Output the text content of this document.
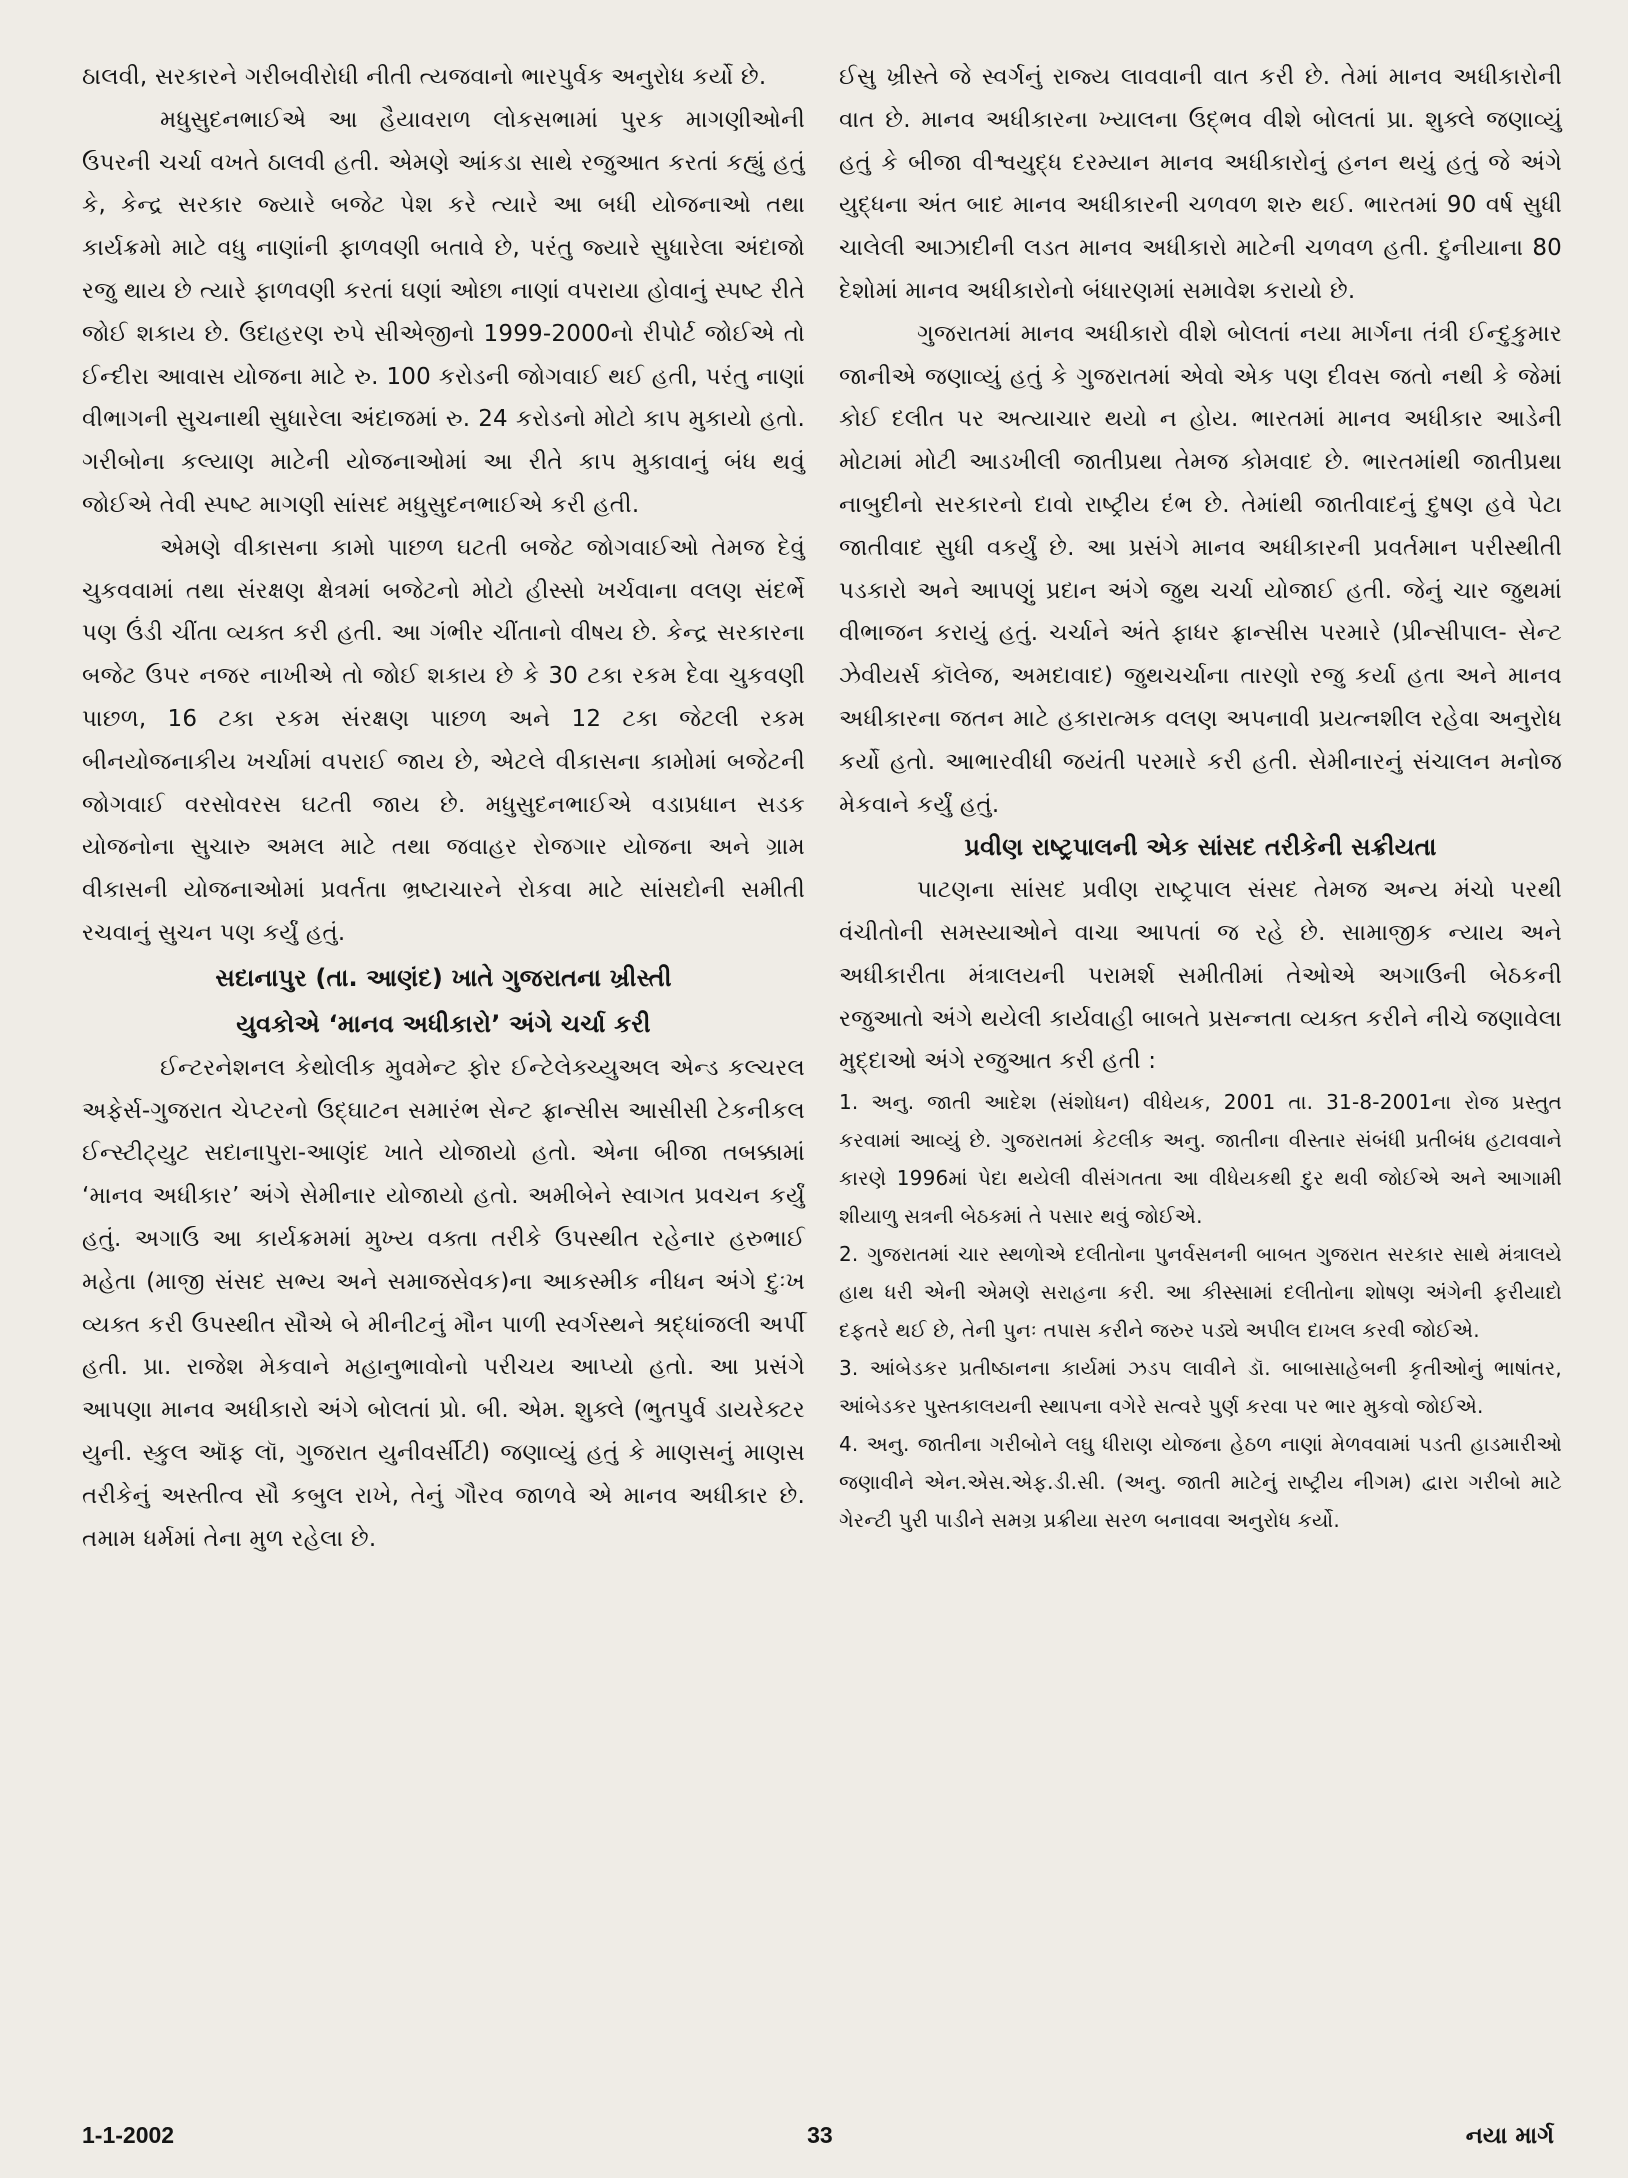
ઠાલવી, સરકારને ગરીબવીરોધી નીતી ત્યજવાનો ભારપુર્વક અનુરોધ કર્યો છે.

મધુસુદનભાઈએ આ હૈયાવરાળ લોકસભામાં પુરક માગણીઓની ઉપરની ચર્ચા વખતે ઠાલવી હતી. એમણે આંકડા સાથે રજુઆત કરતાં કહ્યું હતું કે, કેન્દ્ર સરકાર જ્યારે બજેટ પેશ કરે ત્યારે આ બધી યોજનાઓ તથા કાર્યક્રમો માટે વધુ નાણાંની ફાળવણી બતાવે છે, પરંતુ જ્યારે સુધારેલા અંદાજો રજુ થાય છે ત્યારે ફાળવણી કરતાં ઘણાં ઓછા નાણાં વપરાયા હોવાનું સ્પષ્ટ રીતે જોઈ શકાય છે. ઉદાહરણ રુપે સીએજીનો 1999-2000નો રીપોર્ટ જોઈએ તો ઈન્દીરા આવાસ યોજના માટે રુ. 100 કરોડની જોગવાઈ થઈ હતી, પરંતુ નાણાં વીભાગની સુચનાથી સુધારેલા અંદાજમાં રુ. 24 કરોડનો મોટો કાપ મુકાયો હતો. ગરીબોના કલ્યાણ માટેની યોજનાઓમાં આ રીતે કાપ મુકાવાનું બંધ થવું જોઈએ તેવી સ્પષ્ટ માગણી સાંસદ મધુસુદનભાઈએ કરી હતી.

એમણે વીકાસના કામો પાછળ ઘટતી બજેટ જોગવાઈઓ તેમજ દેવું ચુકવવામાં તથા સંરક્ષણ ક્ષેત્રમાં બજેટનો મોટો હીસ્સો ખર્ચવાના વલણ સંદર્ભે પણ ઉંડી ચીંતા વ્યક્ત કરી હતી. આ ગંભીર ચીંતાનો વીષય છે. કેન્દ્ર સરકારના બજેટ ઉપર નજર નાખીએ તો જોઈ શકાય છે કે 30 ટકા રકમ દેવા ચુકવણી પાછળ, 16 ટકા રકમ સંરક્ષણ પાછળ અને 12 ટકા જેટલી રકમ બીનયોજનાકીય ખર્ચામાં વપરાઈ જાય છે, એટલે વીકાસના કામોમાં બજેટની જોગવાઈ વરસોવરસ ઘટતી જાય છે. મધુસુદનભાઈએ વડાપ્રધાન સડક યોજનોના સુચારુ અમલ માટે તથા જવાહર રોજગાર યોજના અને ગ્રામ વીકાસની યોજનાઓમાં પ્રવર્તતા ભ્રષ્ટાચારને રોકવા માટે સાંસદોની સમીતી રચવાનું સુચન પણ કર્યું હતું.

સદાનાપુર (તા. આણંદ) ખાતે ગુજરાતના ખ્રીસ્તી

યુવકોએ ‘માનવ અધીકારો’ અંગે ચર્ચા કરી

ઈન્ટરનેશનલ કેથોલીક મુવમેન્ટ ફોર ઈન્ટેલેક્ચ્યુઅલ એન્ડ કલ્ચરલ અફેર્સ-ગુજરાત ચેપ્ટરનો ઉદ્ઘાટન સમારંભ સેન્ટ ફ્રાન્સીસ આસીસી ટેકનીકલ ઈન્સ્ટીટ્યુટ સદાનાપુરા-આણંદ ખાતે યોજાયો હતો. એના બીજા તબક્કામાં ‘માનવ અધીકાર’ અંગે સેમીનાર યોજાયો હતો. અમીબેને સ્વાગત પ્રવચન કર્યું હતું. અગાઉ આ કાર્યક્રમમાં મુખ્ય વક્તા તરીકે ઉપસ્થીત રહેનાર હરુભાઈ મહેતા (માજી સંસદ સભ્ય અને સમાજસેવક)ના આકસ્મીક નીધન અંગે દુઃખ વ્યક્ત કરી ઉપસ્થીત સૌએ બે મીનીટનું મૌન પાળી સ્વર્ગસ્થને શ્રદ્ધાંજલી અર્પી હતી. પ્રા. રાજેશ મેકવાને મહાનુભાવોનો પરીચય આપ્યો હતો. આ પ્રસંગે આપણા માનવ અધીકારો અંગે બોલતાં પ્રો. બી. એમ. શુક્લે (ભુતપુર્વ ડાયરેક્ટર યુની. સ્કુલ ઑફ લૉ, ગુજરાત યુનીવર્સીટી) જણાવ્યું હતું કે માણસનું માણસ તરીકેનું અસ્તીત્વ સૌ કબુલ રાખે, તેનું ગૌરવ જાળવે એ માનવ અધીકાર છે. તમામ ધર્મમાં તેના મુળ રહેલા છે.

ઈસુ ખ્રીસ્તે જે સ્વર્ગનું રાજ્ય લાવવાની વાત કરી છે. તેમાં માનવ અધીકારોની વાત છે. માનવ અધીકારના ખ્યાલના ઉદ્ભવ વીશે બોલતાં પ્રા. શુક્લે જણાવ્યું હતું કે બીજા વીશ્વયુદ્ધ દરમ્યાન માનવ અધીકારોનું હનન થયું હતું જે અંગે યુદ્ધના અંત બાદ માનવ અધીકારની ચળવળ શરુ થઈ. ભારતમાં 90 વર્ષ સુધી ચાલેલી આઝાદીની લડત માનવ અધીકારો માટેની ચળવળ હતી. દુનીયાના 80 દેશોમાં માનવ અધીકારોનો બંધારણમાં સમાવેશ કરાયો છે.

ગુજરાતમાં માનવ અધીકારો વીશે બોલતાં નયા માર્ગના તંત્રી ઈન્દુકુમાર જાનીએ જણાવ્યું હતું કે ગુજરાતમાં એવો એક પણ દીવસ જતો નથી કે જેમાં કોઈ દલીત પર અત્યાચાર થયો ન હોય. ભારતમાં માનવ અધીકાર આડેની મોટામાં મોટી આડખીલી જાતીપ્રથા તેમજ કોમવાદ છે. ભારતમાંથી જાતીપ્રથા નાબુદીનો સરકારનો દાવો રાષ્ટ્રીય દંભ છે. તેમાંથી જાતીવાદનું દુષણ હવે પેટા જાતીવાદ સુધી વકર્યું છે. આ પ્રસંગે માનવ અધીકારની પ્રવર્તમાન પરીસ્થીતી પડકારો અને આપણું પ્રદાન અંગે જુથ ચર્ચા યોજાઈ હતી. જેનું ચાર જુથમાં વીભાજન કરાયું હતું. ચર્ચાને અંતે ફાધર ફ્રાન્સીસ પરમારે (પ્રીન્સીપાલ- સેન્ટ ઝેવીયર્સ કૉલેજ, અમદાવાદ) જુથચર્ચાના તારણો રજુ કર્યા હતા અને માનવ અધીકારના જતન માટે હકારાત્મક વલણ અપનાવી પ્રયત્નશીલ રહેવા અનુરોધ કર્યો હતો. આભારવીધી જયંતી પરમારે કરી હતી. સેમીનારનું સંચાલન મનોજ મેકવાને કર્યું હતું.

પ્રવીણ રાષ્ટ્રપાલની એક સાંસદ તરીકેની સક્રીયતા

પાટણના સાંસદ પ્રવીણ રાષ્ટ્રપાલ સંસદ તેમજ અન્ય મંચો પરથી વંચીતોની સમસ્યાઓને વાચા આપતાં જ રહે છે. સામાજીક ન્યાય અને અધીકારીતા મંત્રાલયની પરામર્શ સમીતીમાં તેઓએ અગાઉની બેઠકની રજુઆતો અંગે થયેલી કાર્યવાહી બાબતે પ્રસન્નતા વ્યક્ત કરીને નીચે જણાવેલા મુદ્દાઓ અંગે રજુઆત કરી હતી :

1. અનુ. જાતી આદેશ (સંશોધન) વીધેયક, 2001 તા. 31-8-2001ના રોજ પ્રસ્તુત કરવામાં આવ્યું છે. ગુજરાતમાં કેટલીક અનુ. જાતીના વીસ્તાર સંબંધી પ્રતીબંધ હટાવવાને કારણે 1996માં પેદા થયેલી વીસંગતતા આ વીધેયકથી દુર થવી જોઈએ અને આગામી શીયાળુ સત્રની બેઠકમાં તે પસાર થવું જોઈએ.

2. ગુજરાતમાં ચાર સ્થળોએ દલીતોના પુનર્વસનની બાબત ગુજરાત સરકાર સાથે મંત્રાલયે હાથ ધરી એની એમણે સરાહના કરી. આ કીસ્સામાં દલીતોના શોષણ અંગેની ફરીયાદો દફતરે થઈ છે, તેની પુનઃ તપાસ કરીને જરુર પડ્યે અપીલ દાખલ કરવી જોઈએ.

3. આંબેડકર પ્રતીષ્ઠાનના કાર્યમાં ઝડપ લાવીને ડૉ. બાબાસાહેબની કૃતીઓનું ભાષાંતર, આંબેડકર પુસ્તકાલયની સ્થાપના વગેરે સત્વરે પુર્ણ કરવા પર ભાર મુકવો જોઈએ.

4. અનુ. જાતીના ગરીબોને લઘુ ધીરાણ યોજના હેઠળ નાણાં મેળવવામાં પડતી હાડમારીઓ જણાવીને એન.એસ.એફ.ડી.સી. (અનુ. જાતી માટેનું રાષ્ટ્રીય નીગમ) દ્વારા ગરીબો માટે ગેરન્ટી પુરી પાડીને સમગ્ર પ્રક્રીયા સરળ બનાવવા અનુરોધ કર્યો.

1-1-2002	33	નયા માર્ગ
